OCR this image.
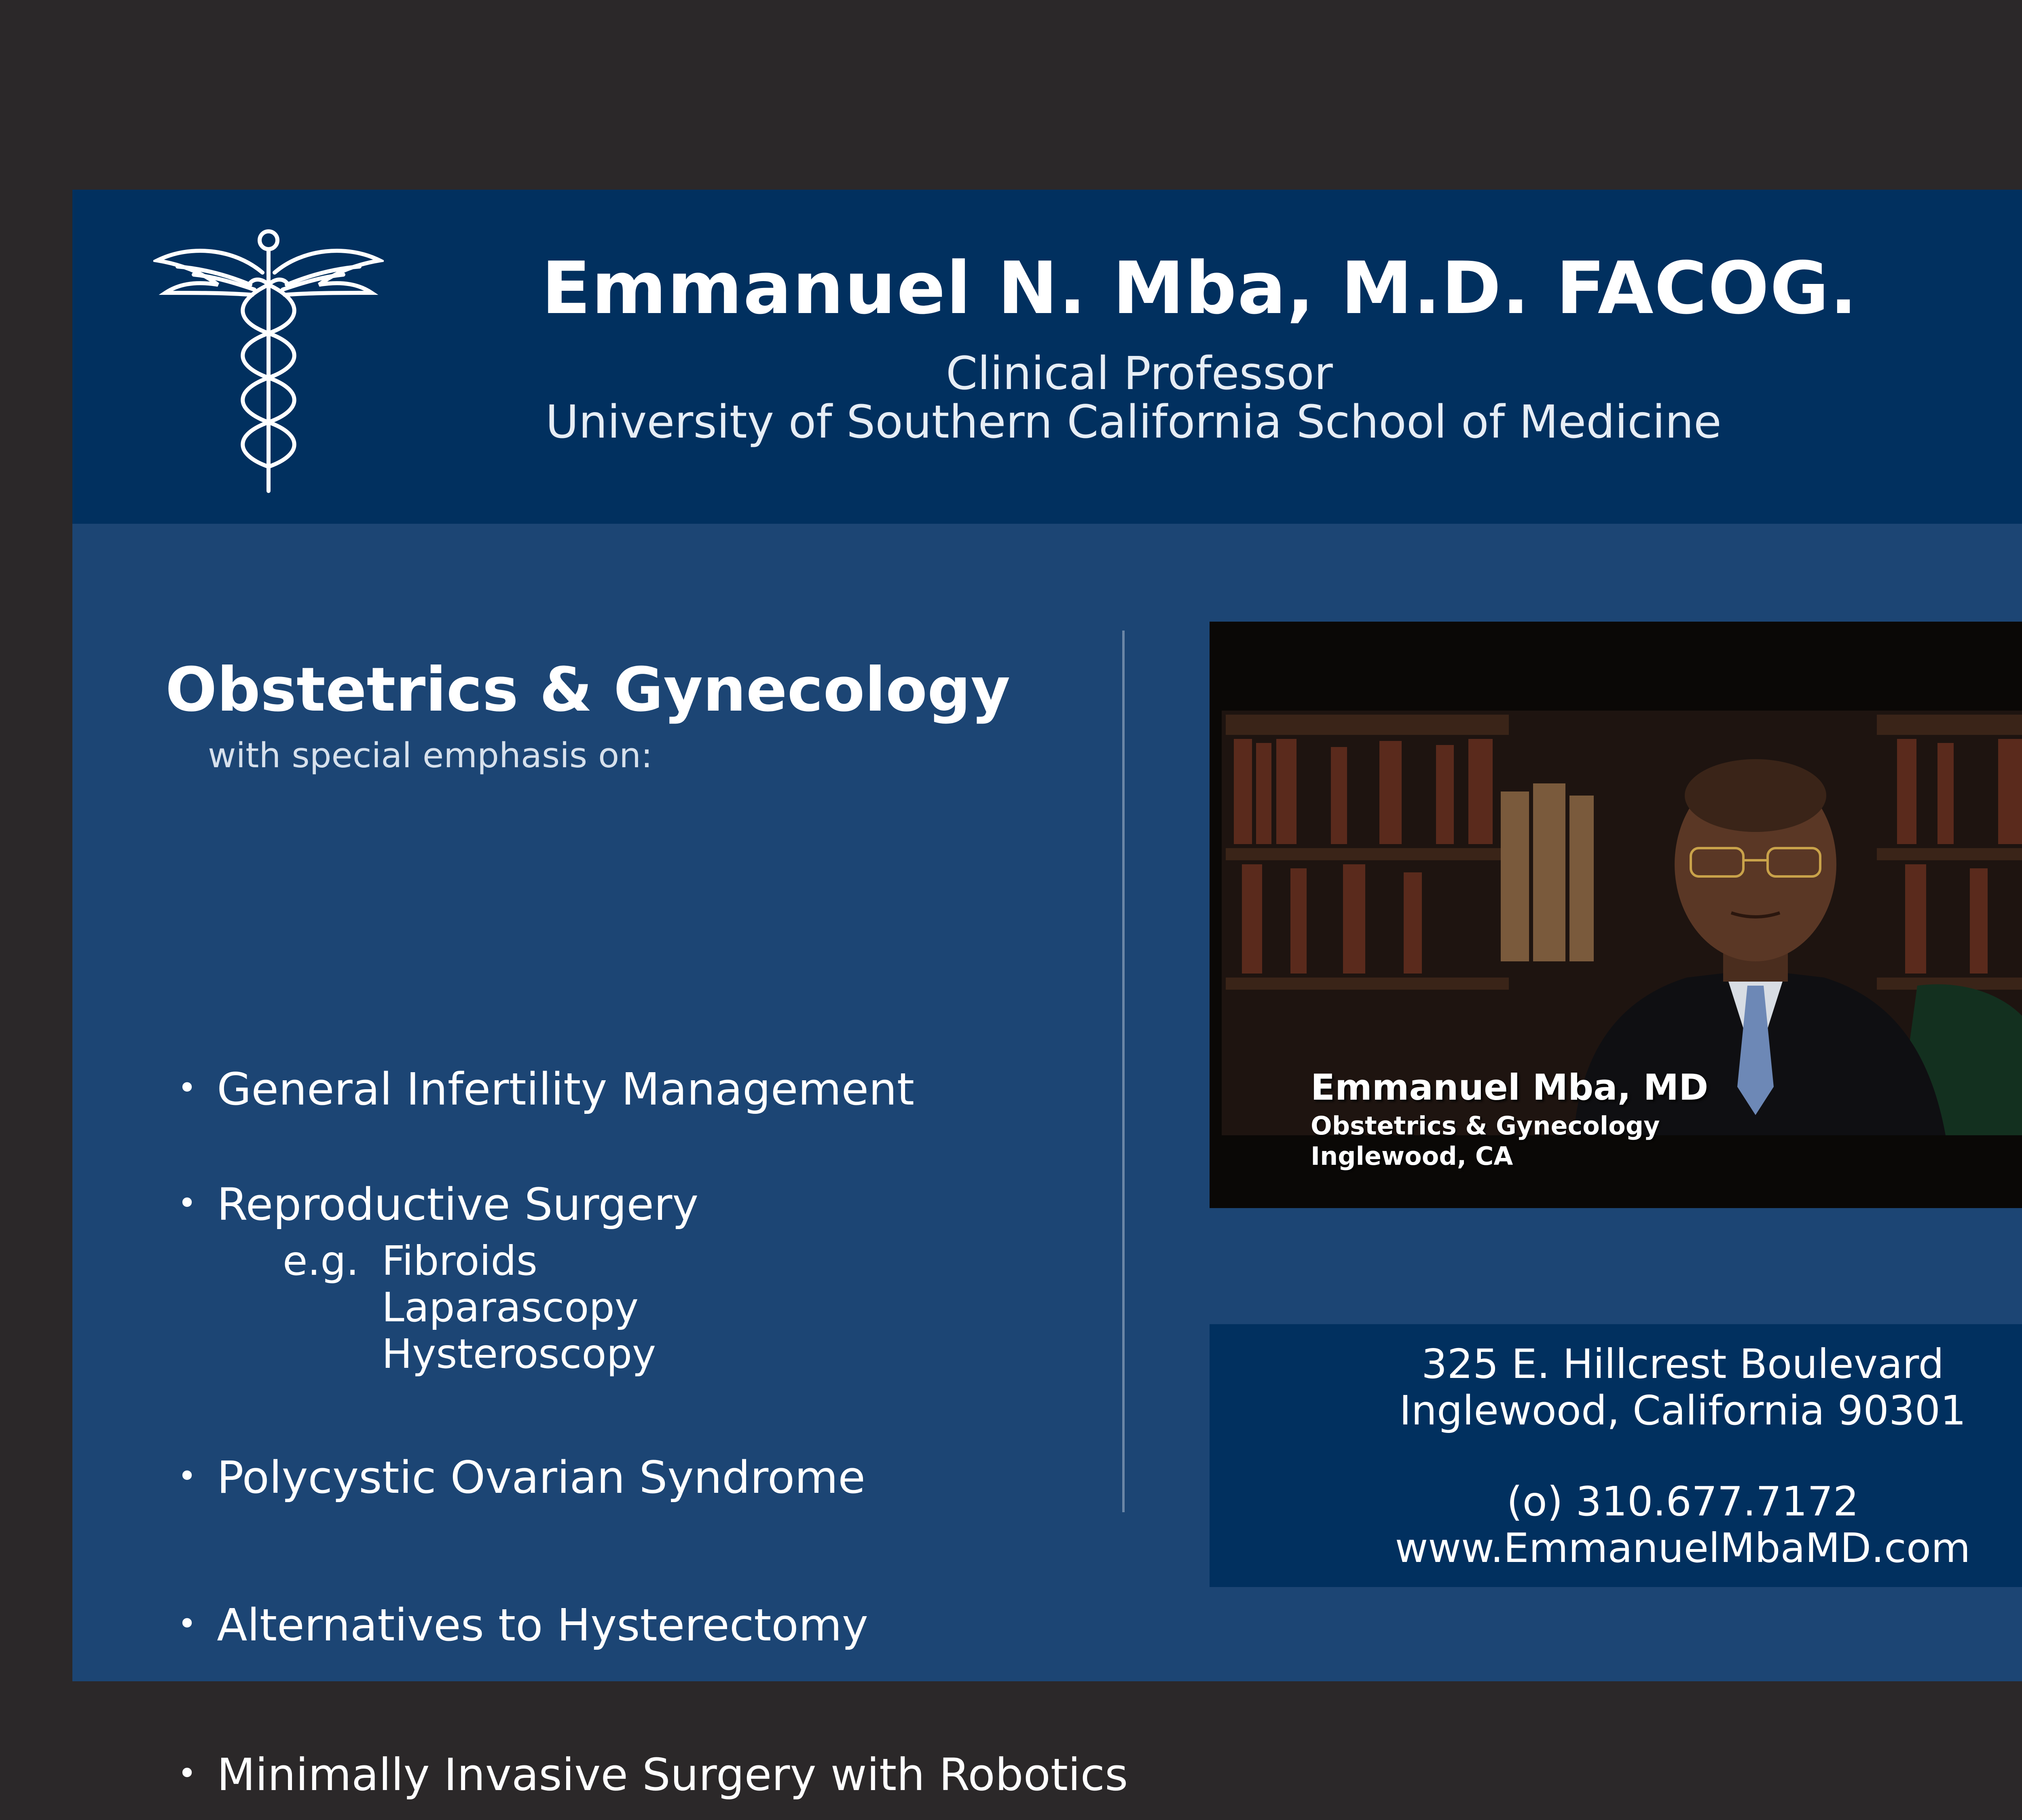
Emmanuel N. Mba, M.D. FACOG.
Clinical Professor
University of Southern California School of Medicine
Obstetrics & Gynecology
with special emphasis on:
• General Infertility Management
• Reproductive Surgery
e.g. Fibroids
Laparascopy
Hysteroscopy
• Polycystic Ovarian Syndrome
• Alternatives to Hysterectomy
• Minimally Invasive Surgery with Robotics
Emmanuel Mba, MD
Obstetrics & Gynecology
Inglewood, CA
325 E. Hillcrest Boulevard
Inglewood, California 90301
(o) 310.677.7172
www.EmmanuelMbaMD.com
